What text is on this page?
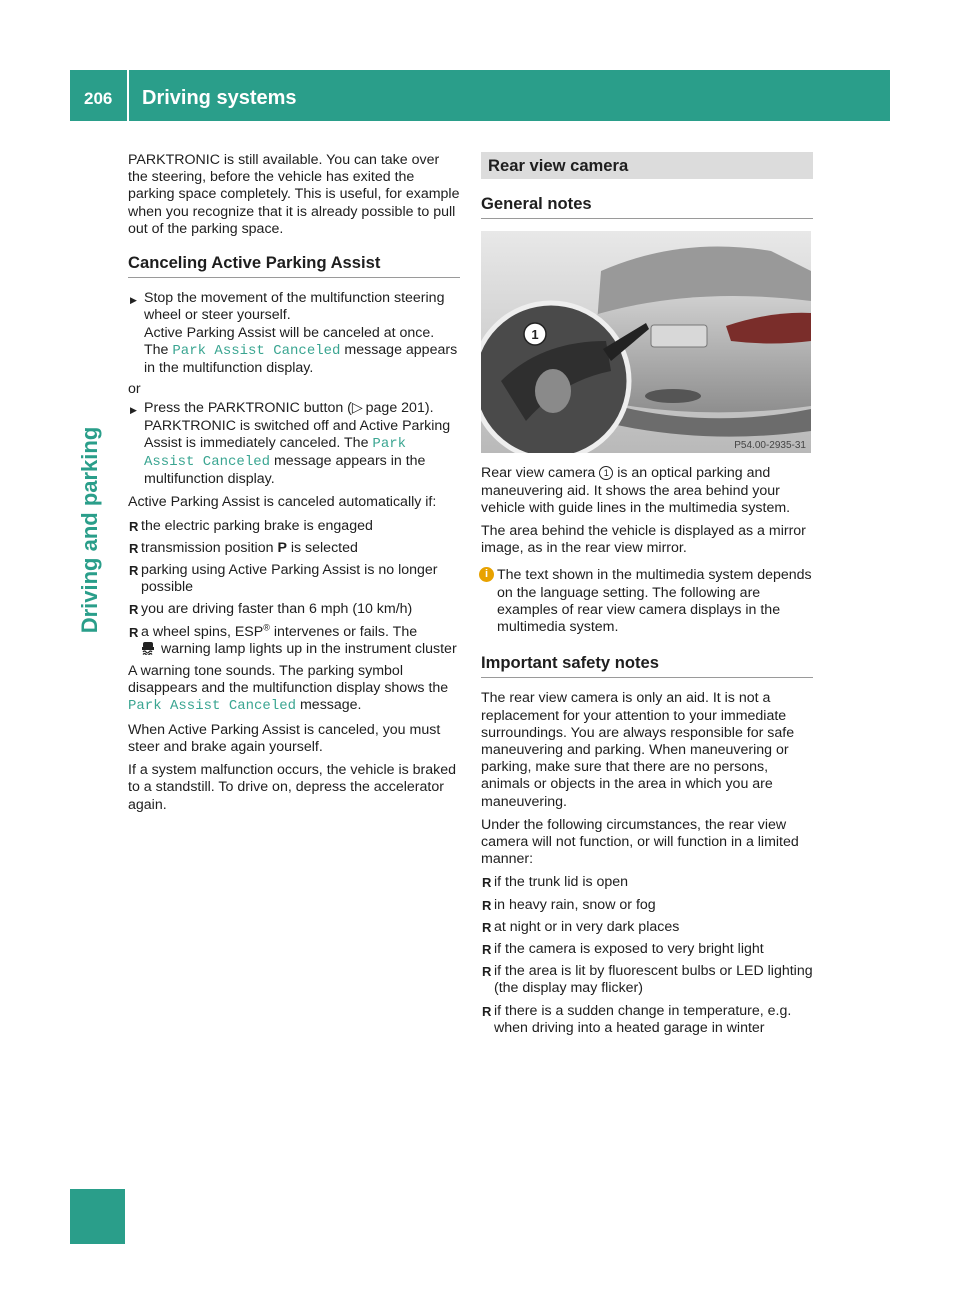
206 Driving systems
Driving and parking

PARKTRONIC is still available. You can take over the steering, before the vehicle has exited the parking space completely. This is useful, for example when you recognize that it is already possible to pull out of the parking space.

Canceling Active Parking Assist
▶ Stop the movement of the multifunction steering wheel or steer yourself.
Active Parking Assist will be canceled at once.
The Park Assist Canceled message appears in the multifunction display.

or

▶ Press the PARKTRONIC button (▷  page 201).
PARKTRONIC is switched off and Active Parking Assist is immediately canceled. The Park Assist Canceled message appears in the multifunction display.

Active Parking Assist is canceled automatically if:

R the electric parking brake is engaged
R transmission position P is selected
R parking using Active Parking Assist is no longer possible
R you are driving faster than 6 mph (10 km/h)
R a wheel spins, ESP® intervenes or fails. The
warning lamp lights up in the instrument cluster

A warning tone sounds. The parking symbol disappears and the multifunction display shows the Park Assist Canceled message.

When Active Parking Assist is canceled, you must steer and brake again yourself.

If a system malfunction occurs, the vehicle is braked to a standstill. To drive on, depress the accelerator again.

Rear view camera
General notes
1
P54.00-2935-31

Rear view camera 1 is an optical parking and maneuvering aid. It shows the area behind your vehicle with guide lines in the multimedia system.

The area behind the vehicle is displayed as a mirror image, as in the rear view mirror.

i The text shown in the multimedia system depends on the language setting. The following are examples of rear view camera displays in the multimedia system.
Important safety notes

The rear view camera is only an aid. It is not a replacement for your attention to your immediate surroundings. You are always responsible for safe maneuvering and parking. When maneuvering or parking, make sure that there are no persons, animals or objects in the area in which you are maneuvering.

Under the following circumstances, the rear view camera will not function, or will function in a limited manner:

R if the trunk lid is open
R in heavy rain, snow or fog
R at night or in very dark places
R if the camera is exposed to very bright light
R if the area is lit by fluorescent bulbs or LED lighting (the display may flicker)
R if there is a sudden change in temperature, e.g. when driving into a heated garage in winter
